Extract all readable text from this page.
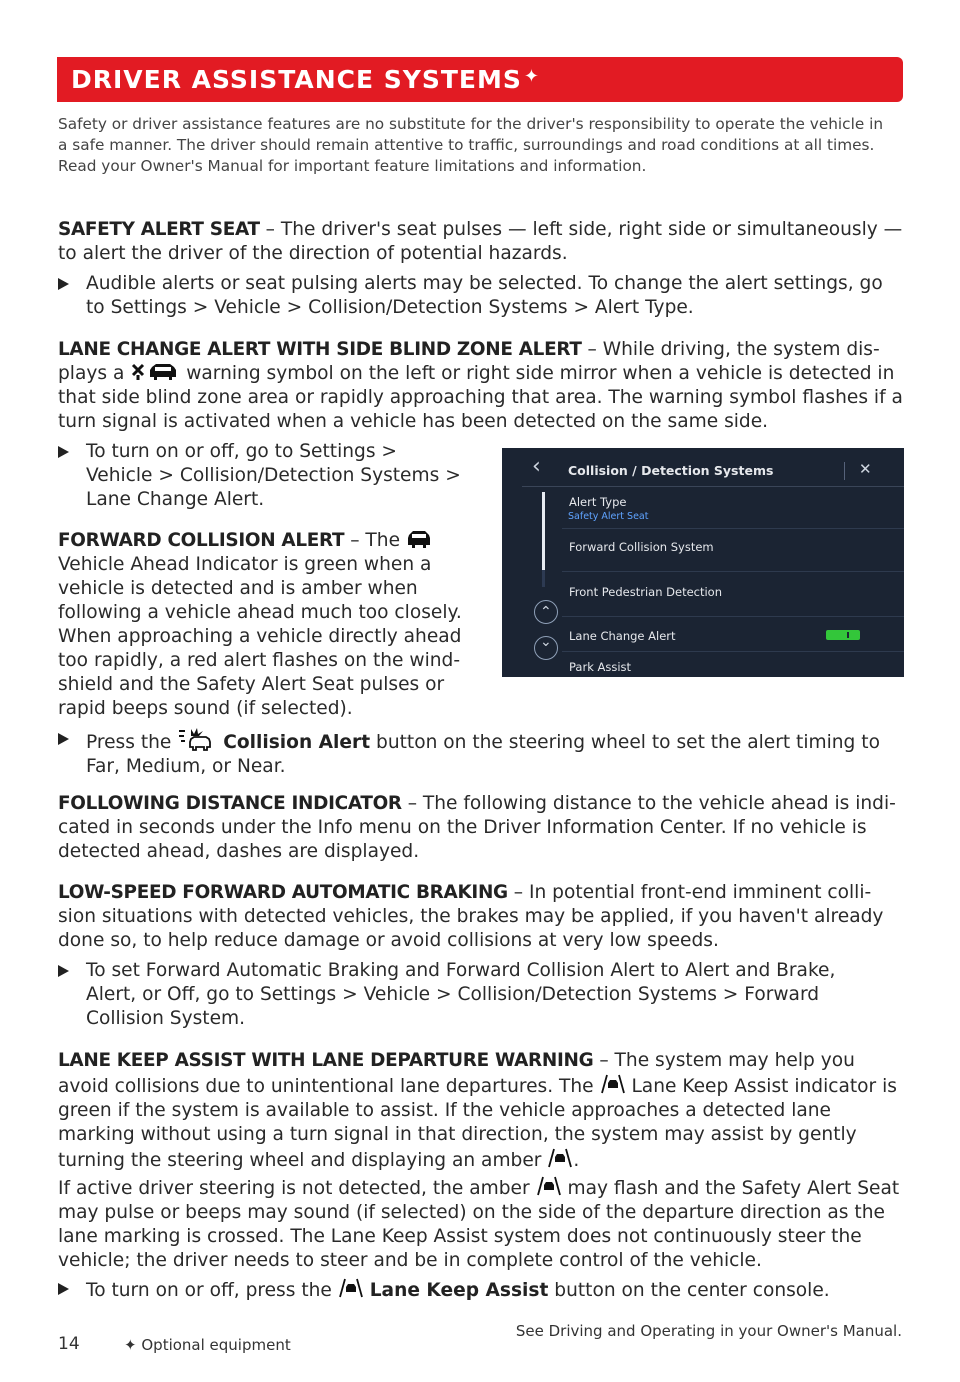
DRIVER ASSISTANCE SYSTEMS ✦
Safety or driver assistance features are no substitute for the driver's responsibility to operate the vehicle in a safe manner. The driver should remain attentive to traffic, surroundings and road conditions at all times. Read your Owner's Manual for important feature limitations and information.
SAFETY ALERT SEAT – The driver's seat pulses — left side, right side or simultaneously — to alert the driver of the direction of potential hazards.
Audible alerts or seat pulsing alerts may be selected. To change the alert settings, go to Settings > Vehicle > Collision/Detection Systems > Alert Type.
LANE CHANGE ALERT WITH SIDE BLIND ZONE ALERT – While driving, the system dis-plays a	warning symbol on the left or right side mirror when a vehicle is detected in that side blind zone area or rapidly approaching that area. The warning symbol flashes if a turn signal is activated when a vehicle has been detected on the same side.
To turn on or off, go to Settings > Vehicle > Collision/Detection Systems > Lane Change Alert.
FORWARD COLLISION ALERT – The  Vehicle Ahead Indicator is green when a vehicle is detected and is amber when following a vehicle ahead much too closely. When approaching a vehicle directly ahead too rapidly, a red alert flashes on the wind-shield and the Safety Alert Seat pulses or rapid beeps sound (if selected).
‹ Collision / Detection Systems	✕
Alert Type
Safety Alert Seat
Forward Collision System
Front Pedestrian Detection
⌃
Lane Change Alert
⌄
Park Assist
Press the  Collision Alert button on the steering wheel to set the alert timing to Far, Medium, or Near.
FOLLOWING DISTANCE INDICATOR – The following distance to the vehicle ahead is indi-cated in seconds under the Info menu on the Driver Information Center. If no vehicle is detected ahead, dashes are displayed.
LOW-SPEED FORWARD AUTOMATIC BRAKING – In potential front-end imminent colli-sion situations with detected vehicles, the brakes may be applied, if you haven't already done so, to help reduce damage or avoid collisions at very low speeds.
To set Forward Automatic Braking and Forward Collision Alert to Alert and Brake, Alert, or Off, go to Settings > Vehicle > Collision/Detection Systems > Forward Collision System.
LANE KEEP ASSIST WITH LANE DEPARTURE WARNING – The system may help you avoid collisions due to unintentional lane departures. The  Lane Keep Assist indicator is green if the system is available to assist. If the vehicle approaches a detected lane marking without using a turn signal in that direction, the system may assist by gently turning the steering wheel and displaying an amber .
If active driver steering is not detected, the amber  may flash and the Safety Alert Seat may pulse or beeps may sound (if selected) on the side of the departure direction as the lane marking is crossed. The Lane Keep Assist system does not continuously steer the vehicle; the driver needs to steer and be in complete control of the vehicle.
To turn on or off, press the  Lane Keep Assist button on the center console.
14	✦ Optional equipment
See Driving and Operating in your Owner's Manual.
